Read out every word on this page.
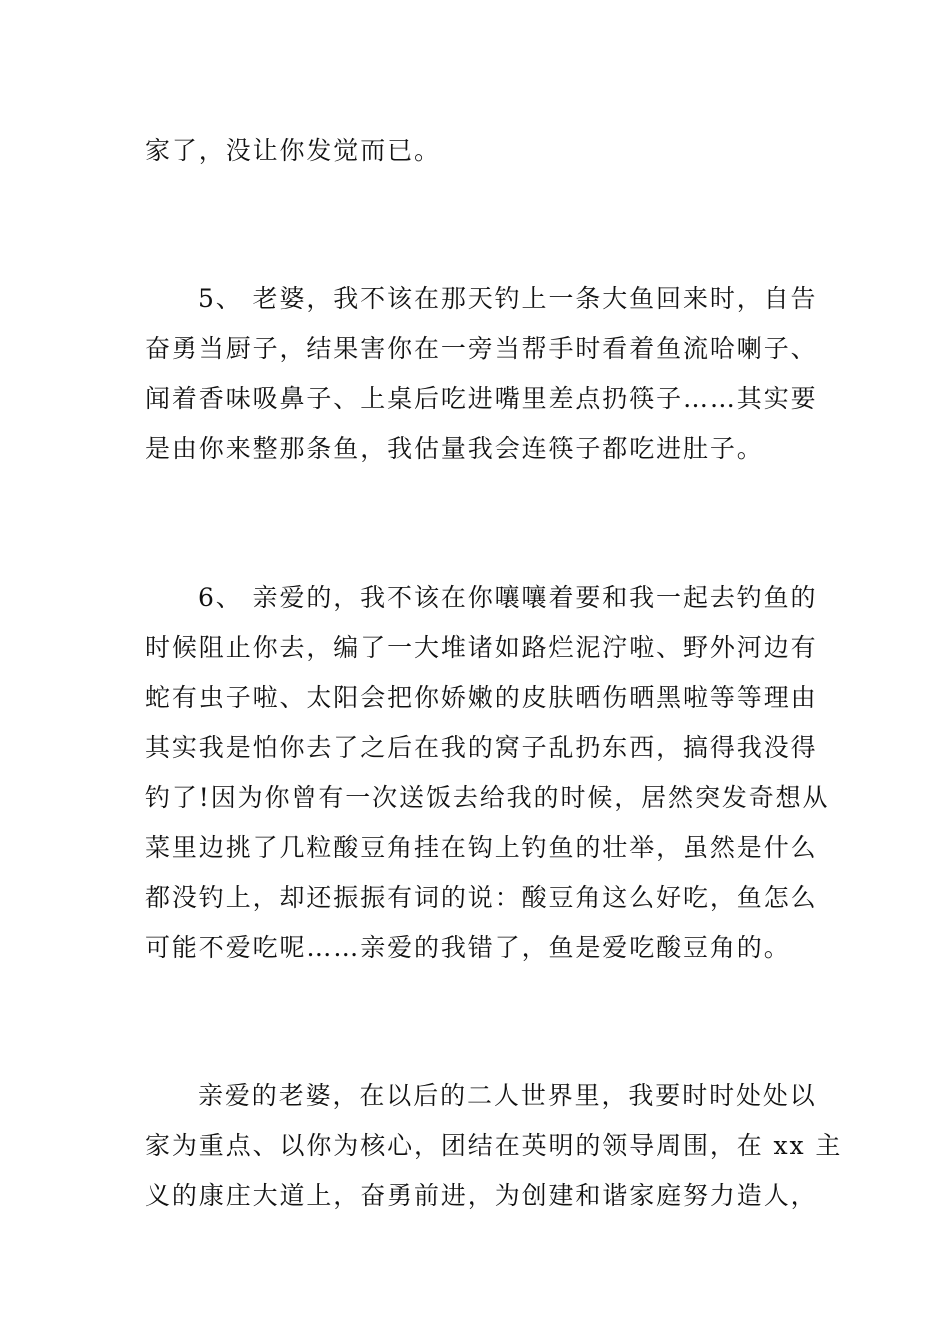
家了，没让你发觉而已。
5、 老婆，我不该在那天钓上一条大鱼回来时，自告
奋勇当厨子，结果害你在一旁当帮手时看着鱼流哈喇子、
闻着香味吸鼻子、上桌后吃进嘴里差点扔筷子……其实要
是由你来整那条鱼，我估量我会连筷子都吃进肚子。
6、 亲爱的，我不该在你嚷嚷着要和我一起去钓鱼的
时候阻止你去，编了一大堆诸如路烂泥泞啦、野外河边有
蛇有虫子啦、太阳会把你娇嫩的皮肤晒伤晒黑啦等等理由
其实我是怕你去了之后在我的窝子乱扔东西，搞得我没得
钓了!因为你曾有一次送饭去给我的时候，居然突发奇想从
菜里边挑了几粒酸豆角挂在钩上钓鱼的壮举，虽然是什么
都没钓上，却还振振有词的说：酸豆角这么好吃，鱼怎么
可能不爱吃呢……亲爱的我错了，鱼是爱吃酸豆角的。
亲爱的老婆，在以后的二人世界里，我要时时处处以
家为重点、以你为核心，团结在英明的领导周围，在 xx 主
义的康庄大道上，奋勇前进，为创建和谐家庭努力造人，
